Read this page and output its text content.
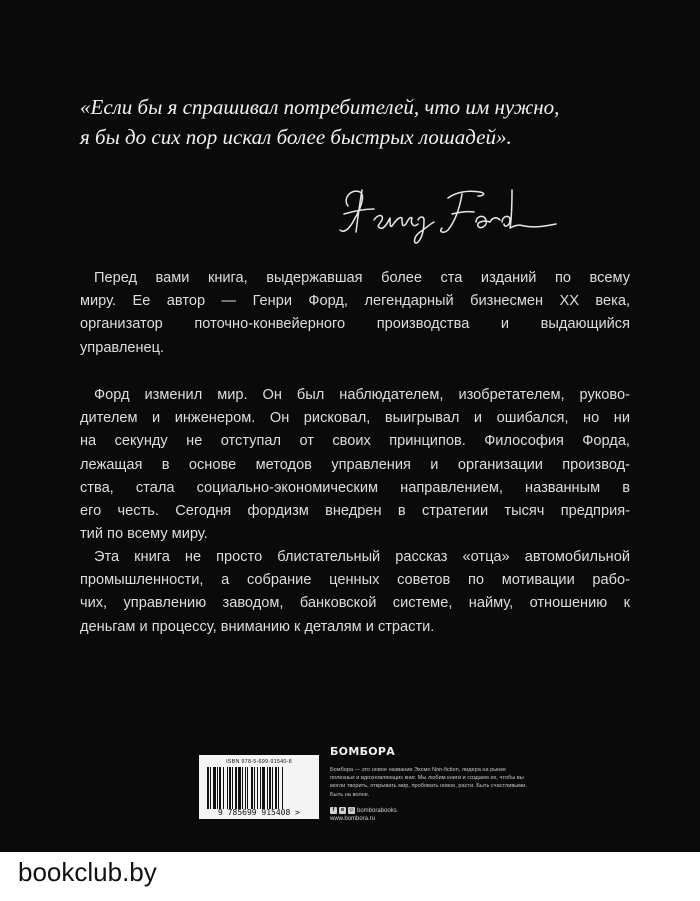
«Если бы я спрашивал потребителей, что им нужно,
я бы до сих пор искал более быстрых лошадей».
Перед вами книга, выдержавшая более ста изданий по всему
миру. Ее автор — Генри Форд, легендарный бизнесмен XX века,
организатор поточно-конвейерного производства и выдающийся
управленец.
Форд изменил мир. Он был наблюдателем, изобретателем, руково-
дителем и инженером. Он рисковал, выигрывал и ошибался, но ни
на секунду не отступал от своих принципов. Философия Форда,
лежащая в основе методов управления и организации производ-
ства, стала социально-экономическим направлением, названным в
его честь. Сегодня фордизм внедрен в стратегии тысяч предприя-
тий по всему миру.
Эта книга не просто блистательный рассказ «отца» автомобильной
промышленности, а собрание ценных советов по мотивации рабо-
чих, управлению заводом, банковской системе, найму, отношению к
деньгам и процессу, вниманию к деталям и страсти.
ISBN 978-5-699-91540-8
9 785699 915408 >
БОМБОРА
Бомбора — это новое название Эксмо Non-fiction, лидера на рынке полезных и вдохновляющих книг. Мы любим книги и создаем их, чтобы вы могли творить, открывать мир, пробовать новое, расти. Быть счастливыми. Быть на волне.
f	в	◎ bomborabooks
www.bombora.ru
bookclub.by
